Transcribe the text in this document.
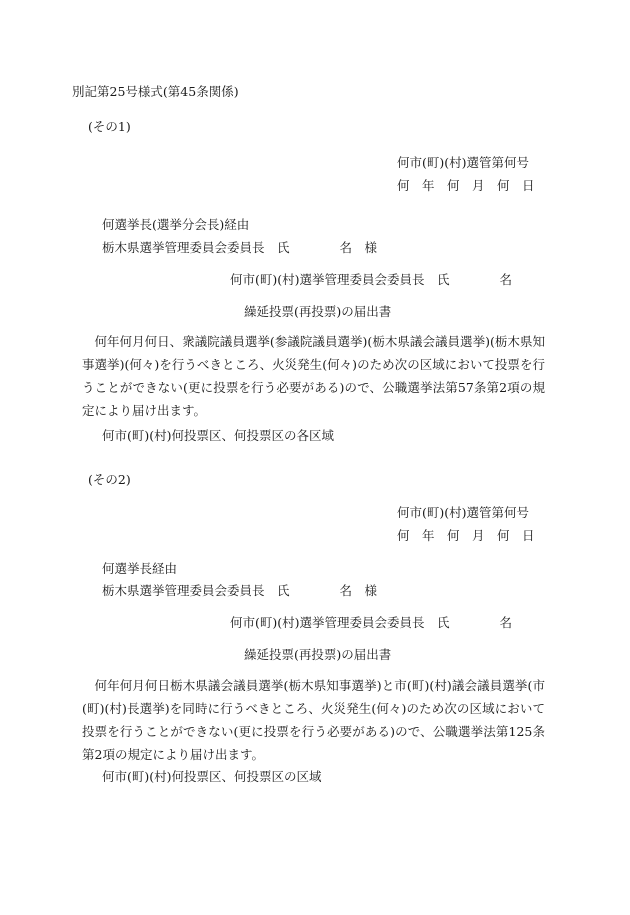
別記第25号様式(第45条関係)
(その1)
何市(町)(村)選管第何号
何　年　何　月　何　日
何選挙長(選挙分会長)経由
栃木県選挙管理委員会委員長　氏　　　　名　様
何市(町)(村)選挙管理委員会委員長　氏　　　　名
繰延投票(再投票)の届出書
何年何月何日、衆議院議員選挙(参議院議員選挙)(栃木県議会議員選挙)(栃木県知事選挙)(何々)を行うべきところ、火災発生(何々)のため次の区域において投票を行うことができない(更に投票を行う必要がある)ので、公職選挙法第57条第2項の規定により届け出ます。
何市(町)(村)何投票区、何投票区の各区域
(その2)
何市(町)(村)選管第何号
何　年　何　月　何　日
何選挙長経由
栃木県選挙管理委員会委員長　氏　　　　名　様
何市(町)(村)選挙管理委員会委員長　氏　　　　名
繰延投票(再投票)の届出書
何年何月何日栃木県議会議員選挙(栃木県知事選挙)と市(町)(村)議会議員選挙(市(町)(村)長選挙)を同時に行うべきところ、火災発生(何々)のため次の区域において投票を行うことができない(更に投票を行う必要がある)ので、公職選挙法第125条第2項の規定により届け出ます。
何市(町)(村)何投票区、何投票区の区域
